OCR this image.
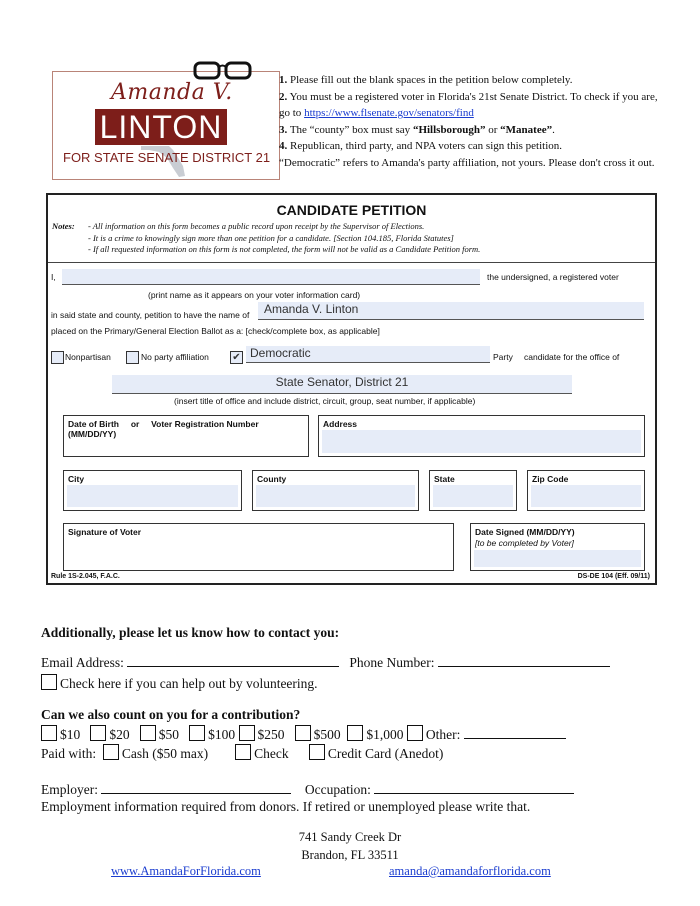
Amanda V.
LINTON
FOR STATE SENATE DISTRICT 21

1. Please fill out the blank spaces in the petition below completely.

2. You must be a registered voter in Florida's 21st Senate District. To check if you are, go to https://www.flsenate.gov/senators/find

3. The “county” box must say “Hillsborough” or “Manatee”.

4. Republican, third party, and NPA voters can sign this petition.

“Democratic” refers to Amanda's party affiliation, not yours. Please don't cross it out.

CANDIDATE PETITION
Notes: - All information on this form becomes a public record upon receipt by the Supervisor of Elections.

- It is a crime to knowingly sign more than one petition for a candidate. [Section 104.185, Florida Statutes]
- If all requested information on this form is not completed, the form will not be valid as a Candidate Petition form.
I,	the undersigned, a registered voter
(print name as it appears on your voter information card)
in said state and county, petition to have the name of	Amanda V. Linton
placed on the Primary/General Election Ballot as a: [check/complete box, as applicable]
Nonpartisan	No party affiliation ✔ Democratic	Party candidate for the office of
State Senator, District 21
(insert title of office and include district, circuit, group, seat number, if applicable)
Date of Birth or Voter Registration Number
(MM/DD/YY)
Address
City	County	State	Zip Code
Signature of Voter	Date Signed (MM/DD/YY)
[to be completed by Voter]
Rule 1S-2.045, F.A.C.	DS-DE 104 (Eff. 09/11)
Additionally, please let us know how to contact you:
Email Address:	Phone Number:
Check here if you can help out by volunteering.
Can we also count on you for a contribution?
$10 $20 $50 $100 $250 $500 $1,000 Other:
Paid with: Cash ($50 max)	Check	Credit Card (Anedot)
Employer:	Occupation:
Employment information required from donors. If retired or unemployed please write that.
741 Sandy Creek Dr
Brandon, FL 33511
www.AmandaForFlorida.com	amanda@amandaforflorida.com
